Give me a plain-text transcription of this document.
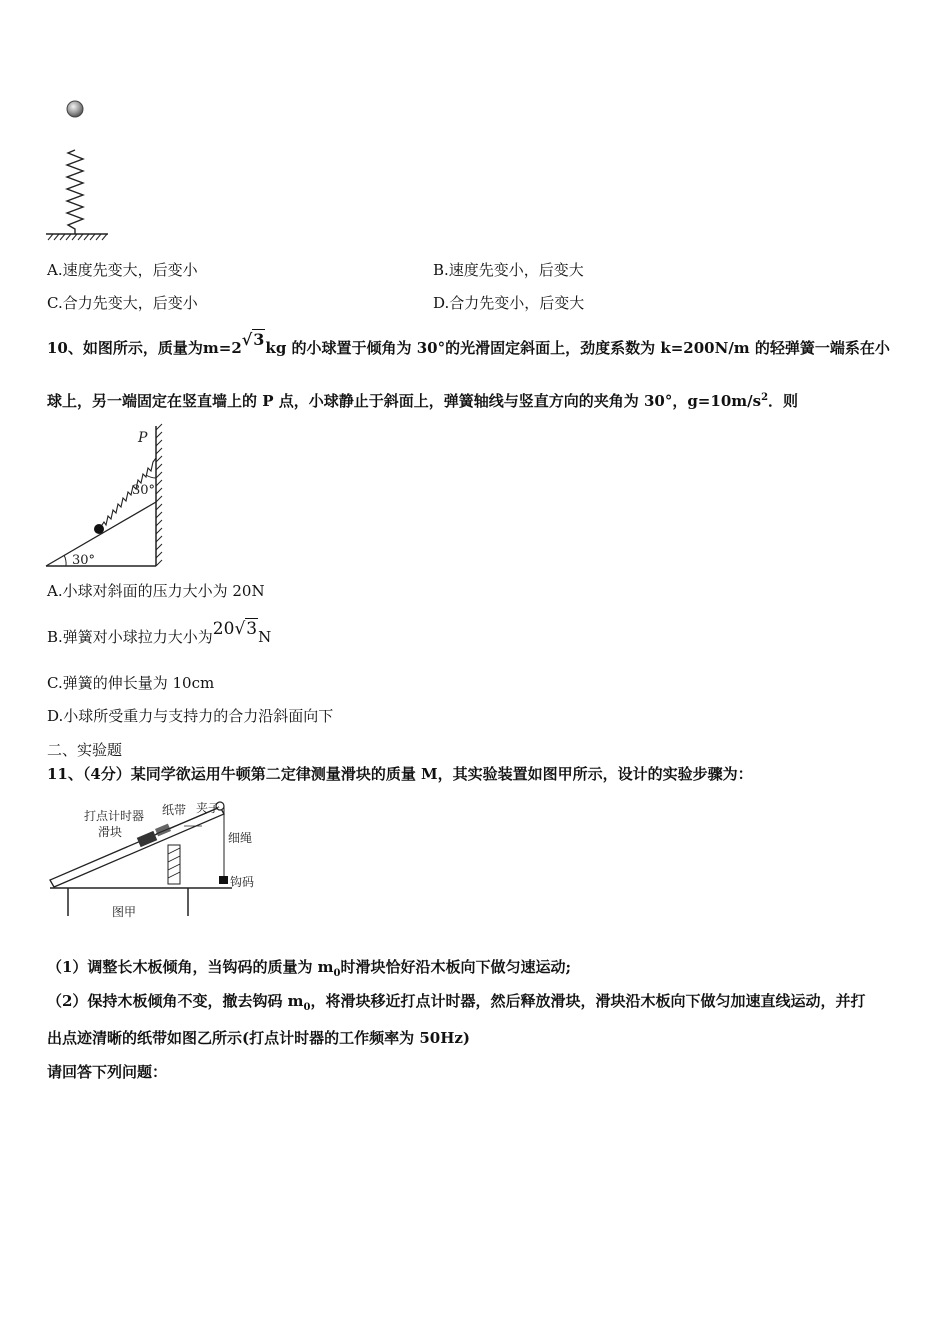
A.速度先变大，后变小	B.速度先变小，后变大
C.合力先变大，后变小	D.合力先变小，后变大
10、如图所示，质量为m=2√3kg 的小球置于倾角为 30°的光滑固定斜面上，劲度系数为 k=200N/m 的轻弹簧一端系在小
球上，另一端固定在竖直墙上的 P 点，小球静止于斜面上，弹簧轴线与竖直方向的夹角为 30°，$g=10m/s^2$．则
30°
30°
P
A.小球对斜面的压力大小为 20N
B.弹簧对小球拉力大小为20√3N
C.弹簧的伸长量为 10cm
D.小球所受重力与支持力的合力沿斜面向下
二、实验题
11、（4分）某同学欲运用牛顿第二定律测量滑块的质量 M，其实验装置如图甲所示，设计的实验步骤为：
打点计时器 纸带 夹子
滑块	细绳
钩码
图甲
（1）调整长木板倾角，当钩码的质量为 $m_0$时滑块恰好沿木板向下做匀速运动;
（2）保持木板倾角不变，撤去钩码 $m_0$，将滑块移近打点计时器，然后释放滑块，滑块沿木板向下做匀加速直线运动，并打
出点迹清晰的纸带如图乙所示(打点计时器的工作频率为 50Hz)
请回答下列问题：
